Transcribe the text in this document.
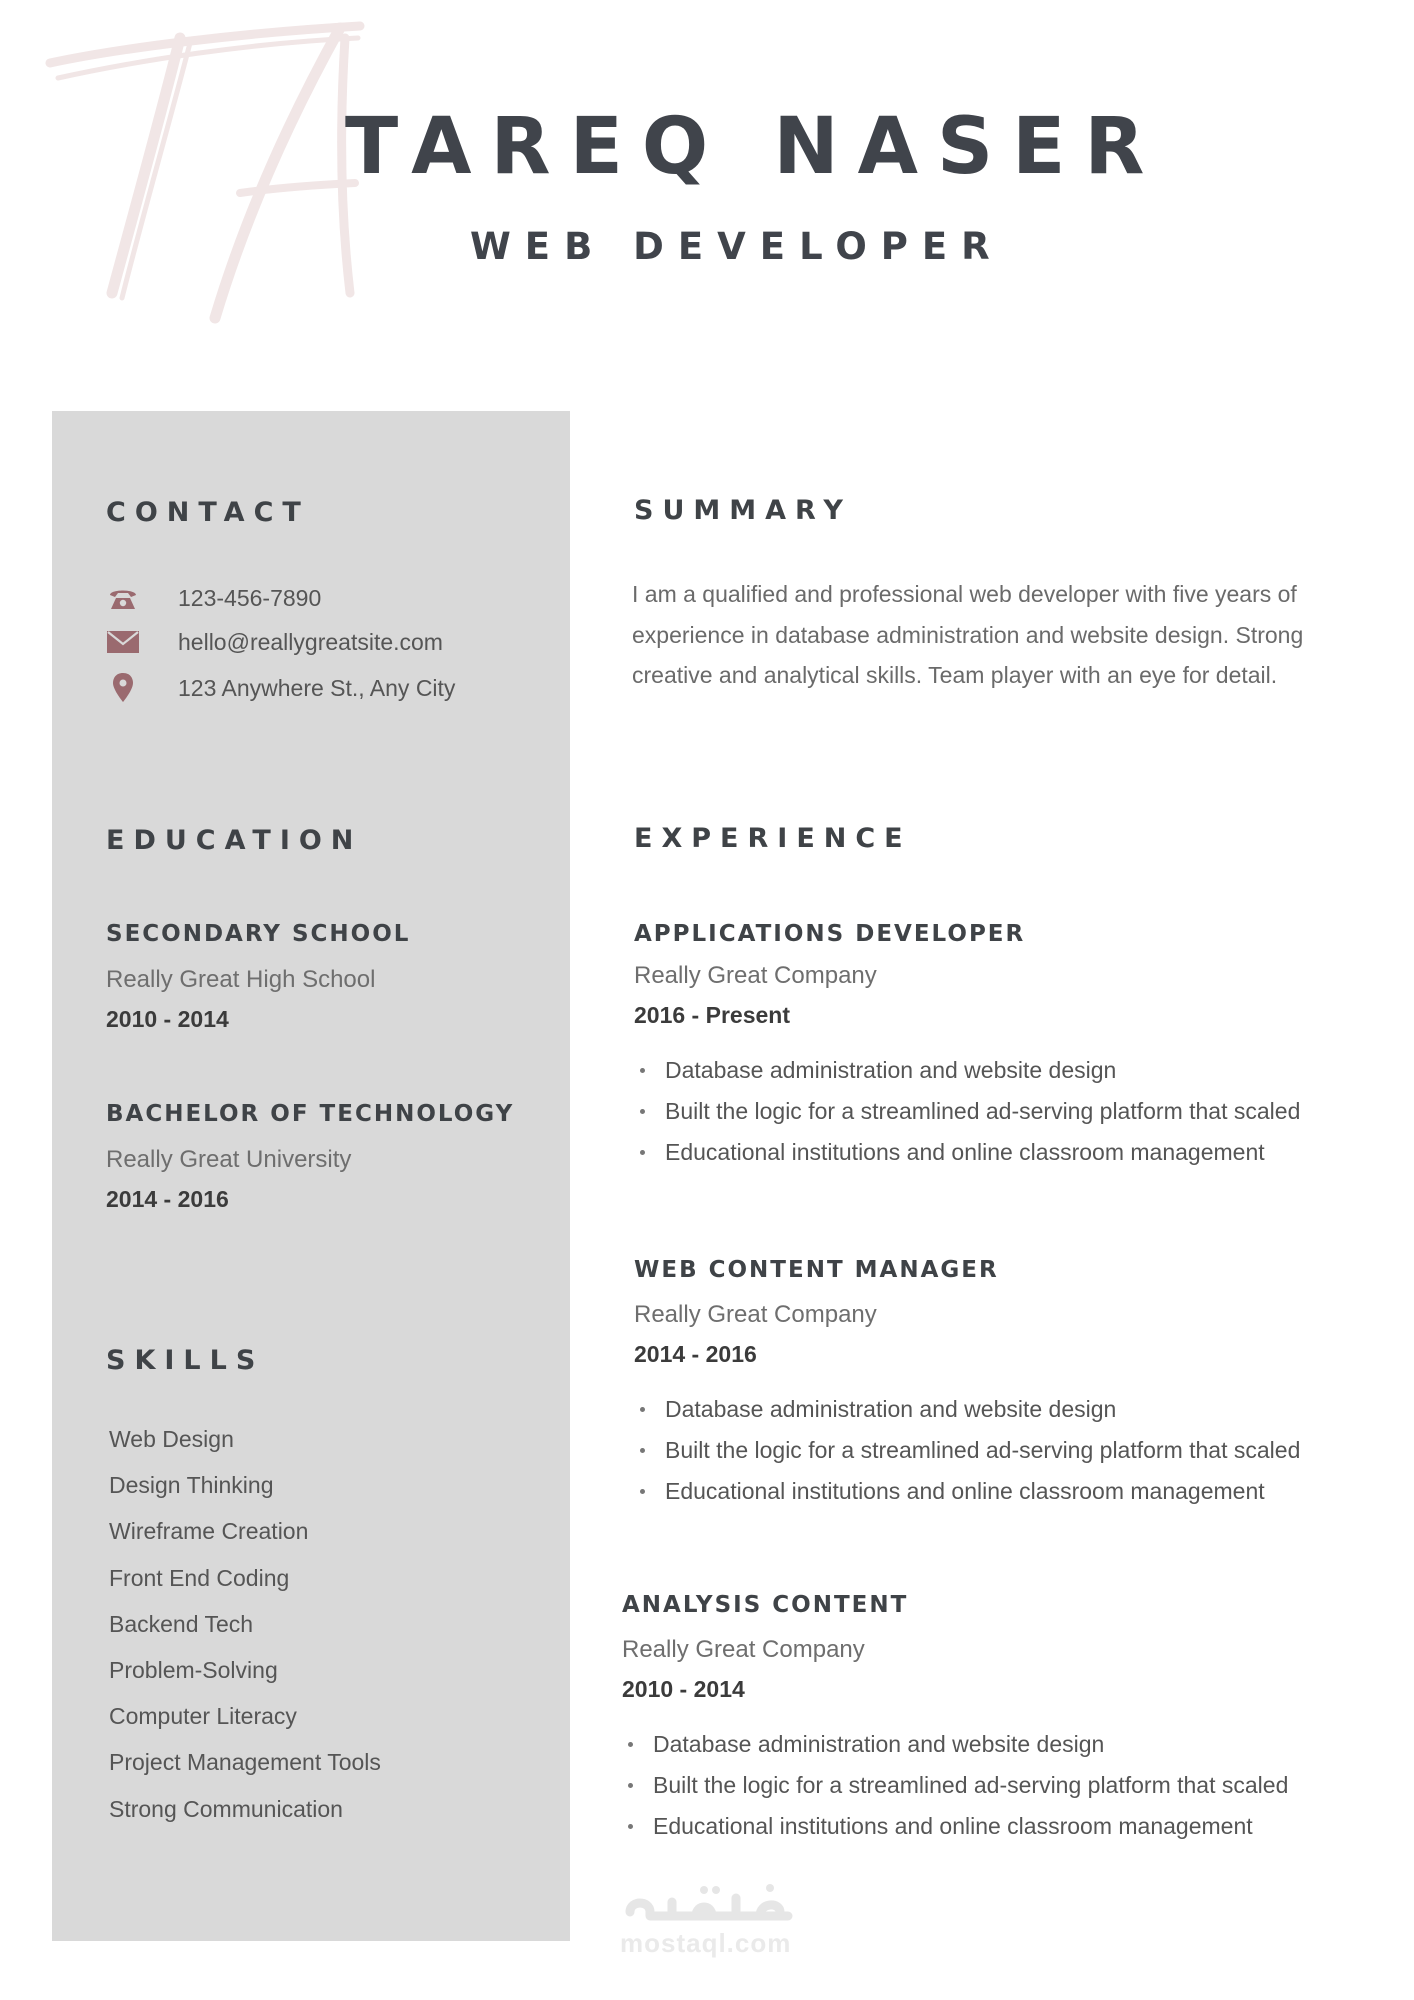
TAREQ NASER
WEB DEVELOPER
CONTACT
123-456-7890
hello@reallygreatsite.com
123 Anywhere St., Any City
EDUCATION
SECONDARY SCHOOL
Really Great High School
2010 - 2014
BACHELOR OF TECHNOLOGY
Really Great University
2014 - 2016
SKILLS
Web Design
Design Thinking
Wireframe Creation
Front End Coding
Backend Tech
Problem-Solving
Computer Literacy
Project Management Tools
Strong Communication
SUMMARY

I am a qualified and professional web developer with five years of experience in database administration and website design. Strong creative and analytical skills. Team player with an eye for detail.

EXPERIENCE
APPLICATIONS DEVELOPER
Really Great Company
2016 - Present
Database administration and website design
Built the logic for a streamlined ad-serving platform that scaled
Educational institutions and online classroom management
WEB CONTENT MANAGER
Really Great Company
2014 - 2016
Database administration and website design
Built the logic for a streamlined ad-serving platform that scaled
Educational institutions and online classroom management
ANALYSIS CONTENT
Really Great Company
2010 - 2014
Database administration and website design
Built the logic for a streamlined ad-serving platform that scaled
Educational institutions and online classroom management
mostaql.com
